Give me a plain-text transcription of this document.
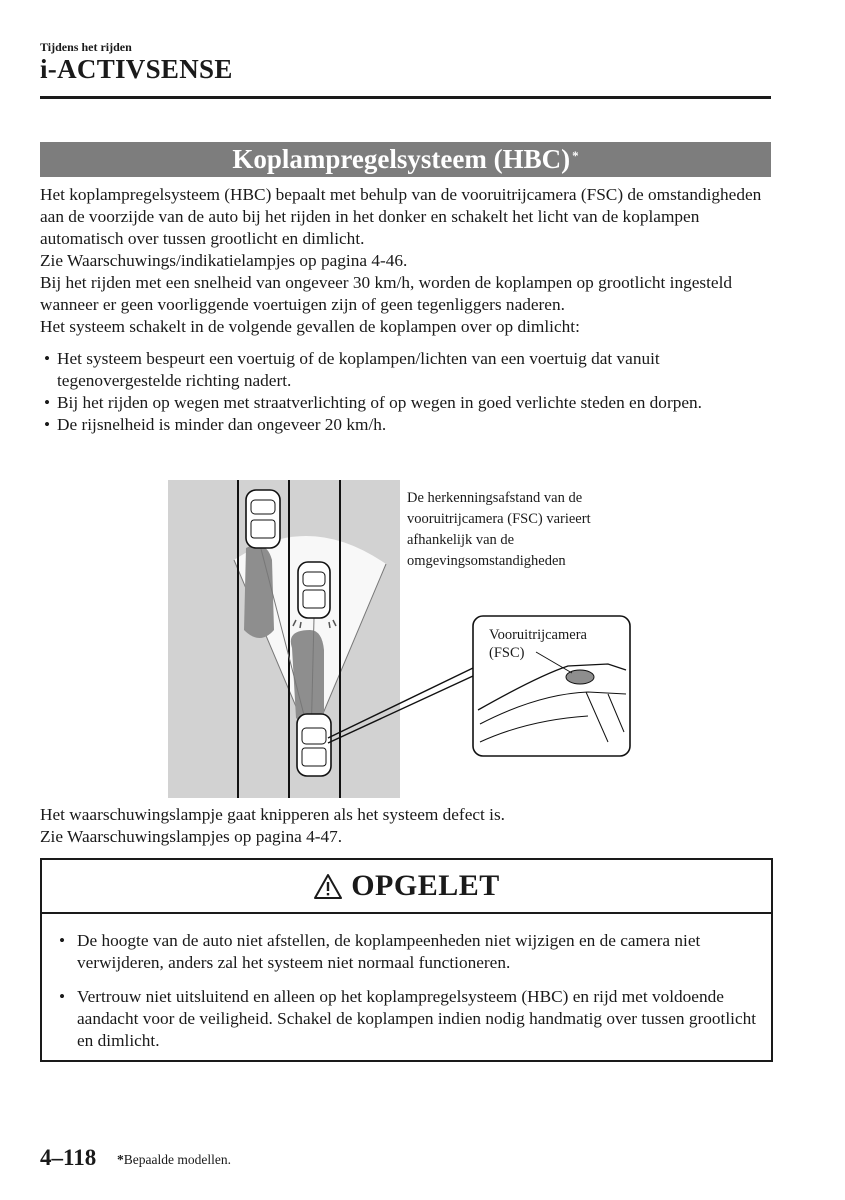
Tijdens het rijden
i-ACTIVSENSE
Koplampregelsysteem (HBC) *

Het koplampregelsysteem (HBC) bepaalt met behulp van de vooruitrijcamera (FSC) de omstandigheden aan de voorzijde van de auto bij het rijden in het donker en schakelt het licht van de koplampen automatisch over tussen grootlicht en dimlicht.

Zie Waarschuwings/indikatielampjes op pagina 4-46.

Bij het rijden met een snelheid van ongeveer 30 km/h, worden de koplampen op grootlicht ingesteld wanneer er geen voorliggende voertuigen zijn of geen tegenliggers naderen.

Het systeem schakelt in de volgende gevallen de koplampen over op dimlicht:

• Het systeem bespeurt een voertuig of de koplampen/lichten van een voertuig dat vanuit tegenovergestelde richting nadert.
• Bij het rijden op wegen met straatverlichting of op wegen in goed verlichte steden en dorpen.
• De rijsnelheid is minder dan ongeveer 20 km/h.
De herkenningsafstand van de
vooruitrijcamera (FSC) varieert
afhankelijk van de
omgevingsomstandigheden
Vooruitrijcamera
(FSC)

Het waarschuwingslampje gaat knipperen als het systeem defect is.

Zie Waarschuwingslampjes op pagina 4-47.

OPGELET
• De hoogte van de auto niet afstellen, de koplampeenheden niet wijzigen en de camera niet verwijderen, anders zal het systeem niet normaal functioneren.
• Vertrouw niet uitsluitend en alleen op het koplampregelsysteem (HBC) en rijd met voldoende aandacht voor de veiligheid. Schakel de koplampen indien nodig handmatig over tussen grootlicht en dimlicht.
4–118 *Bepaalde modellen.
